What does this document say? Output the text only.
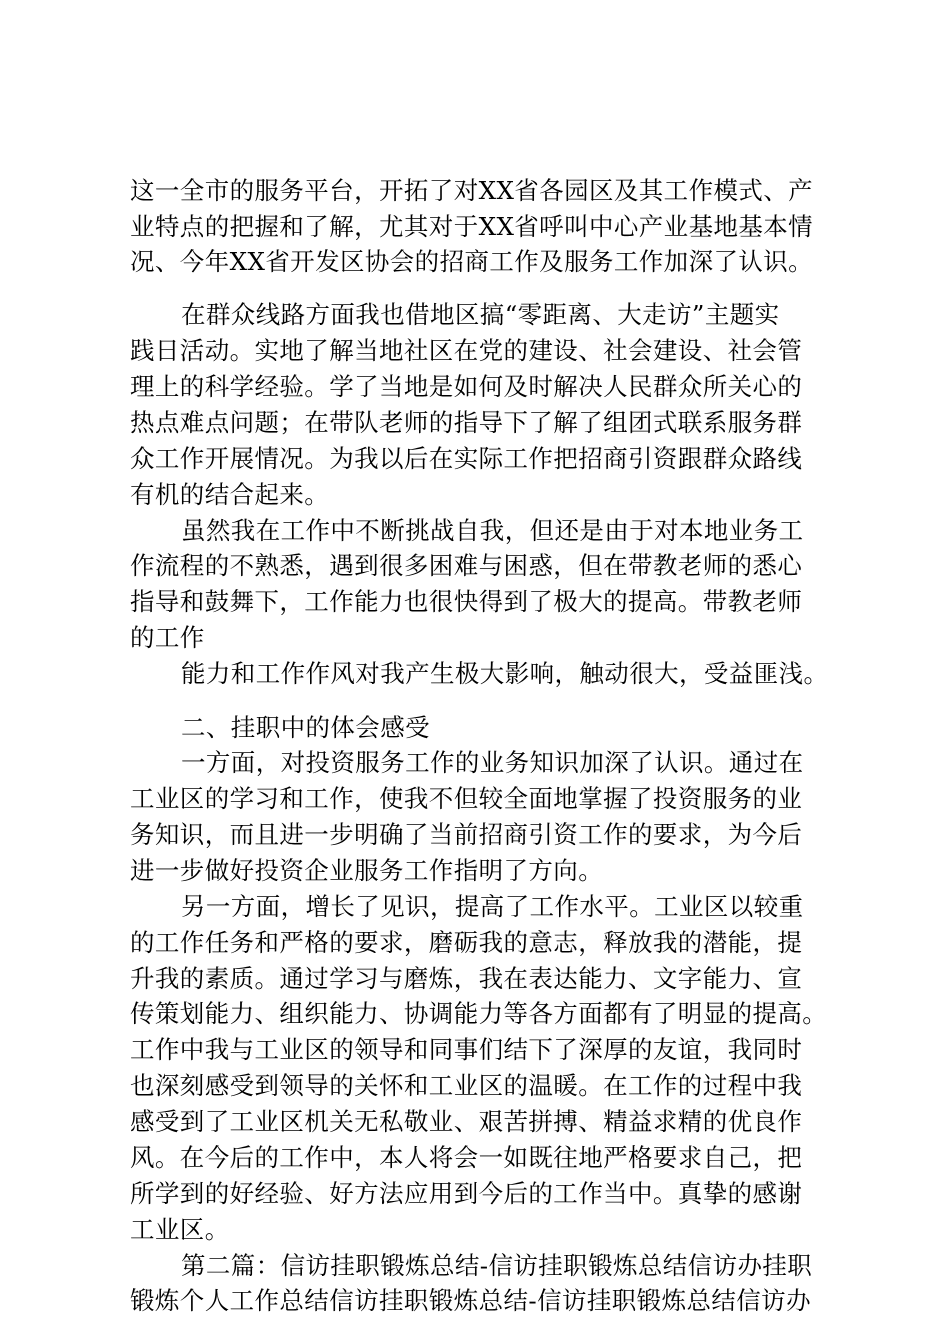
这一全市的服务平台，开拓了对XX省各园区及其工作模式、产
业特点的把握和了解，尤其对于XX省呼叫中心产业基地基本情
况、今年XX省开发区协会的招商工作及服务工作加深了认识。
在群众线路方面我也借地区搞“零距离、大走访”主题实
践日活动。实地了解当地社区在党的建设、社会建设、社会管
理上的科学经验。学了当地是如何及时解决人民群众所关心的
热点难点问题；在带队老师的指导下了解了组团式联系服务群
众工作开展情况。为我以后在实际工作把招商引资跟群众路线
有机的结合起来。
虽然我在工作中不断挑战自我，但还是由于对本地业务工
作流程的不熟悉，遇到很多困难与困惑，但在带教老师的悉心
指导和鼓舞下，工作能力也很快得到了极大的提高。带教老师
的工作
能力和工作作风对我产生极大影响，触动很大，受益匪浅。
二、挂职中的体会感受
一方面，对投资服务工作的业务知识加深了认识。通过在
工业区的学习和工作，使我不但较全面地掌握了投资服务的业
务知识，而且进一步明确了当前招商引资工作的要求，为今后
进一步做好投资企业服务工作指明了方向。
另一方面，增长了见识，提高了工作水平。工业区以较重
的工作任务和严格的要求，磨砺我的意志，释放我的潜能，提
升我的素质。通过学习与磨炼，我在表达能力、文字能力、宣
传策划能力、组织能力、协调能力等各方面都有了明显的提高。
工作中我与工业区的领导和同事们结下了深厚的友谊，我同时
也深刻感受到领导的关怀和工业区的温暖。在工作的过程中我
感受到了工业区机关无私敬业、艰苦拼搏、精益求精的优良作
风。在今后的工作中，本人将会一如既往地严格要求自己，把
所学到的好经验、好方法应用到今后的工作当中。真挚的感谢
工业区。
第二篇：信访挂职锻炼总结-信访挂职锻炼总结信访办挂职
锻炼个人工作总结信访挂职锻炼总结-信访挂职锻炼总结信访办
